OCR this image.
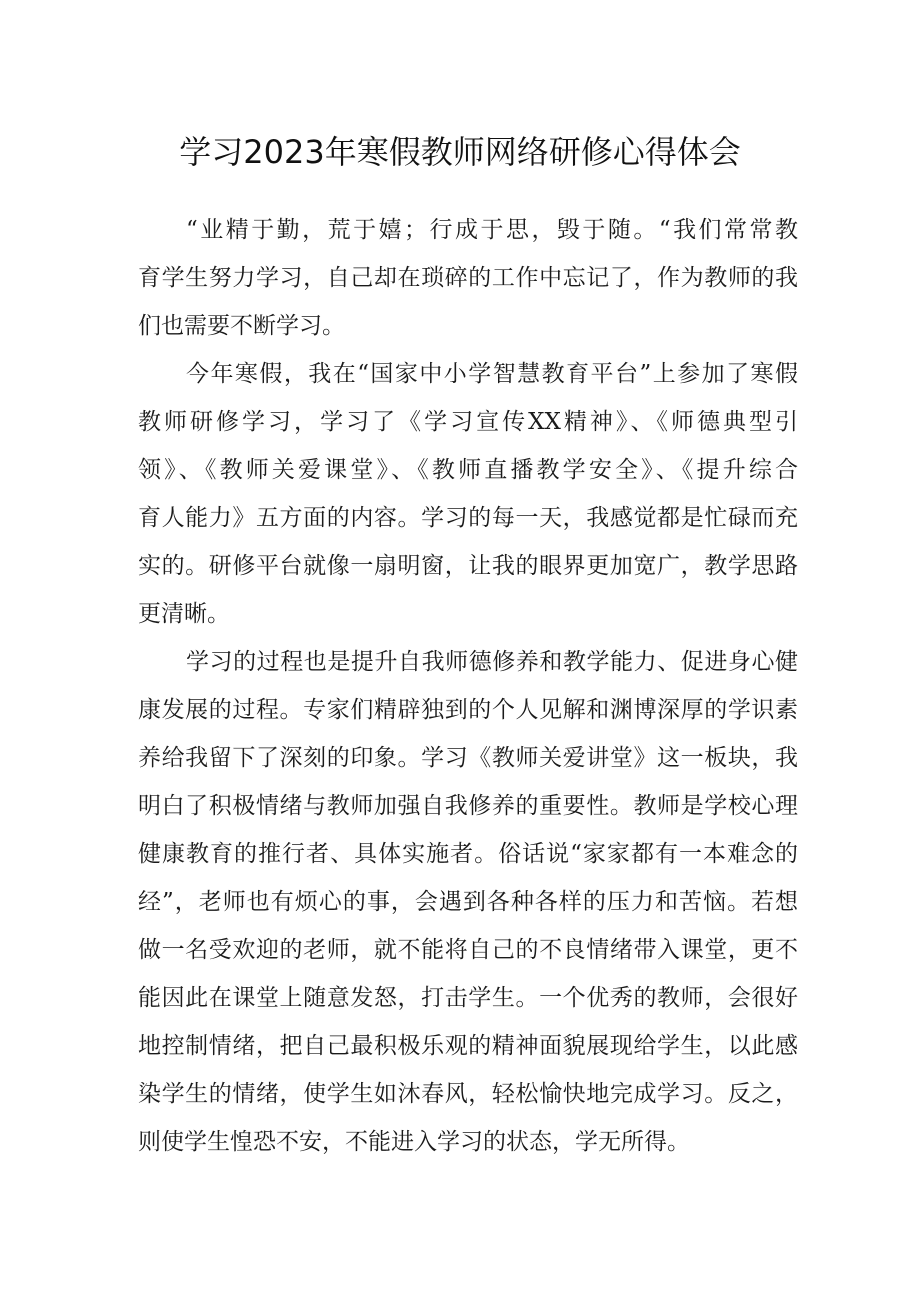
学习2023年寒假教师网络研修心得体会
“业精于勤，荒于嬉；行成于思，毁于随。“我们常常教
育学生努力学习，自己却在琐碎的工作中忘记了，作为教师的我
们也需要不断学习。
今年寒假，我在“国家中小学智慧教育平台”上参加了寒假
教师研修学习，学习了《学习宣传XX精神》、《师德典型引
领》、《教师关爱课堂》、《教师直播教学安全》、《提升综合
育人能力》五方面的内容。学习的每一天，我感觉都是忙碌而充
实的。研修平台就像一扇明窗，让我的眼界更加宽广，教学思路
更清晰。
学习的过程也是提升自我师德修养和教学能力、促进身心健
康发展的过程。专家们精辟独到的个人见解和渊博深厚的学识素
养给我留下了深刻的印象。学习《教师关爱讲堂》这一板块，我
明白了积极情绪与教师加强自我修养的重要性。教师是学校心理
健康教育的推行者、具体实施者。俗话说“家家都有一本难念的
经”，老师也有烦心的事，会遇到各种各样的压力和苦恼。若想
做一名受欢迎的老师，就不能将自己的不良情绪带入课堂，更不
能因此在课堂上随意发怒，打击学生。一个优秀的教师，会很好
地控制情绪，把自己最积极乐观的精神面貌展现给学生，以此感
染学生的情绪，使学生如沐春风，轻松愉快地完成学习。反之，
则使学生惶恐不安，不能进入学习的状态，学无所得。
